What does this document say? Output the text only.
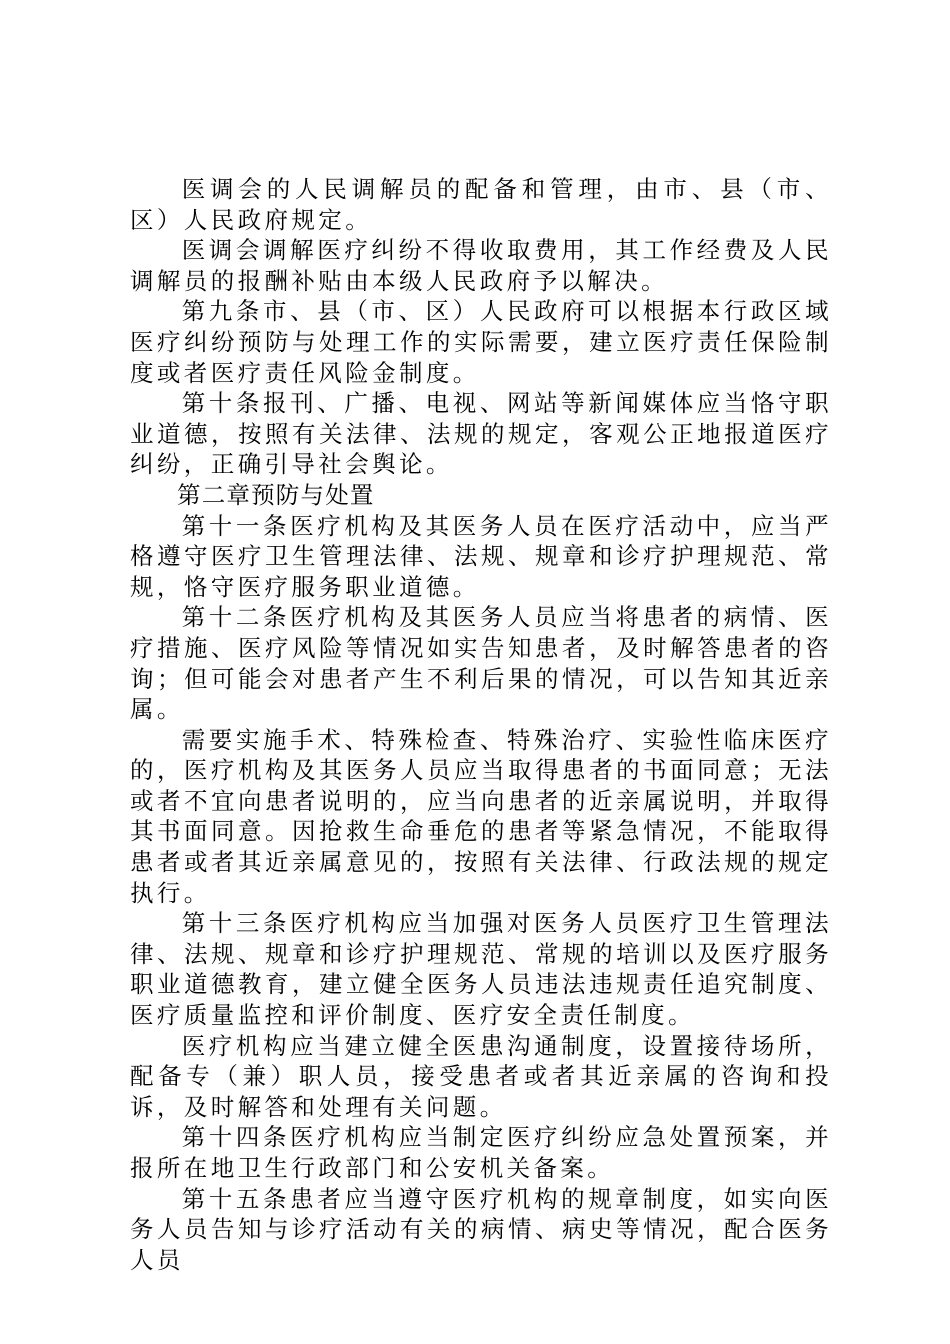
医调会的人民调解员的配备和管理，由市、县（市、区）人民政府规定。

医调会调解医疗纠纷不得收取费用，其工作经费及人民调解员的报酬补贴由本级人民政府予以解决。

第九条市、县（市、区）人民政府可以根据本行政区域医疗纠纷预防与处理工作的实际需要，建立医疗责任保险制度或者医疗责任风险金制度。

第十条报刊、广播、电视、网站等新闻媒体应当恪守职业道德，按照有关法律、法规的规定，客观公正地报道医疗纠纷，正确引导社会舆论。

第二章预防与处置

第十一条医疗机构及其医务人员在医疗活动中，应当严格遵守医疗卫生管理法律、法规、规章和诊疗护理规范、常规，恪守医疗服务职业道德。

第十二条医疗机构及其医务人员应当将患者的病情、医疗措施、医疗风险等情况如实告知患者，及时解答患者的咨询；但可能会对患者产生不利后果的情况，可以告知其近亲属。

需要实施手术、特殊检查、特殊治疗、实验性临床医疗的，医疗机构及其医务人员应当取得患者的书面同意；无法或者不宜向患者说明的，应当向患者的近亲属说明，并取得其书面同意。因抢救生命垂危的患者等紧急情况，不能取得患者或者其近亲属意见的，按照有关法律、行政法规的规定执行。

第十三条医疗机构应当加强对医务人员医疗卫生管理法律、法规、规章和诊疗护理规范、常规的培训以及医疗服务职业道德教育，建立健全医务人员违法违规责任追究制度、医疗质量监控和评价制度、医疗安全责任制度。

医疗机构应当建立健全医患沟通制度，设置接待场所，配备专（兼）职人员，接受患者或者其近亲属的咨询和投诉，及时解答和处理有关问题。

第十四条医疗机构应当制定医疗纠纷应急处置预案，并报所在地卫生行政部门和公安机关备案。

第十五条患者应当遵守医疗机构的规章制度，如实向医务人员告知与诊疗活动有关的病情、病史等情况，配合医务人员
